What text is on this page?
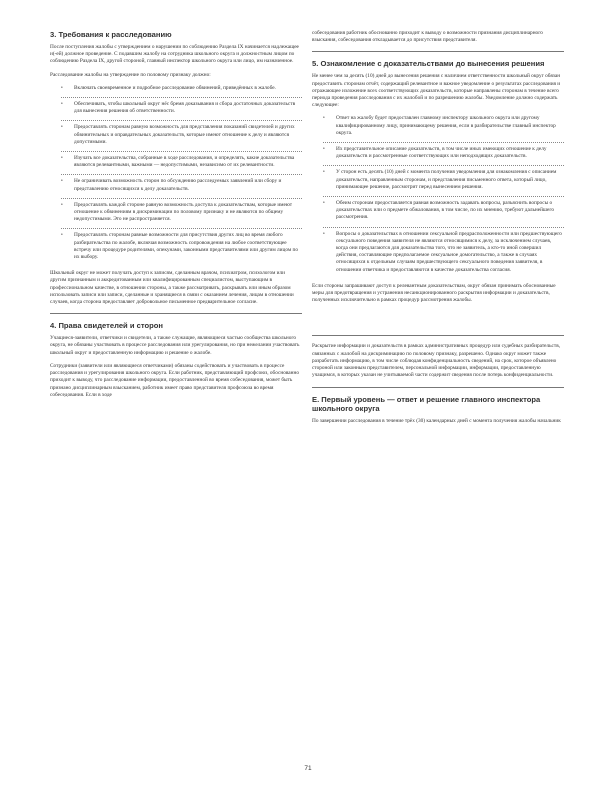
3. Требования к расследованию

После поступления жалобы с утверждением о нарушении по соблюдению Раздела IX начинается надлежащее и(-ей) должное проведение. С подавшим жалобу на сотрудника школьного округа и должностным лицом по соблюдению Раздела IX, другой стороной, главный инспектор школьного округа или лицо, им назначенное.

Расследование жалобы на утверждение по половому признаку должно:

• Включать своевременное и подробное расследование обвинений, приведённых в жалобе.
• Обеспечивать, чтобы школьный округ нёс бремя доказывания и сбора достаточных доказательств для вынесения решения об ответственности.
• Предоставлять сторонам равную возможность для представления показаний свидетелей и других обвинительных и оправдательных доказательств, которые имеют отношение к делу и являются допустимыми.
• Изучать все доказательства, собранные в ходе расследования, и определять, какие доказательства являются релевантными, важными — недопустимыми, независимо от их релевантности.
• Не ограничивать возможность сторон по обсуждению расследуемых заявлений или сбору и представлению относящихся к делу доказательств.
• Предоставлять каждой стороне равную возможность доступа к доказательствам, которые имеют отношение к обвинениям в дискриминации по половому признаку и не являются по общему недопустимыми. Это не распространяется.
• Предоставлять сторонам равные возможности для присутствия других лиц во время любого разбирательства по жалобе, включая возможность сопровождения на любое соответствующее встречу или процедуре родителями, опекунами, законными представителями или другим лицом по их выбору.

Школьный округ не может получать доступ к записям, сделанным врачом, психиатром, психологом или другим признанным и аккредитованным или квалифицированным специалистом, выступающим в профессиональном качестве, в отношении стороны, а также рассматривать, раскрывать или иным образом использовать записи или записи, сделанные и хранящиеся в связи с оказанием лечения, лицам в отношении случаев, когда сторона предоставляет добровольное письменное предварительное согласие.

4. Права свидетелей и сторон

Учащиеся-заявители, ответчики и свидетели, а также служащие, являющиеся частью сообщества школьного округа, не обязаны участвовать в процессе расследования или урегулирования, но при нежелании участвовать школьный округ и предоставленную информацию и решение о жалобе.

Сотрудники (заявители или являющиеся ответчиками) обязаны содействовать и участвовать в процессе расследования и урегулирования школьного округа. Если работник, представляющий профсоюз, обоснованно приходит к выводу, что расследование информации, предоставленной во время собеседования, может быть признано дисциплинарным взысканием, работник имеет право представителя профсоюза во время собеседования. Если в ходе

собеседования работник обоснованно приходит к выводу о возможности признания дисциплинарного взыскания, собеседования откладывается до присутствия представителя.

5. Ознакомление с доказательствами до вынесения решения

Не менее чем за десять (10) дней до вынесения решения с наличием ответственности школьный округ обязан предоставить сторонам отчёт, содержащий релевантное и важное уведомление о результатах расследования и отражающее изложение всех соответствующих доказательств, которые направлены сторонам в течение всего периода проведения расследования с их жалобой и по разрешению жалобы. Уведомление должно содержать следующее:

• Ответ на жалобу будет предоставлен главному инспектору школьного округа или другому квалифицированному лицу, принимающему решения, если в разбирательстве главный инспектор округа.
• Их представительное описание доказательств, в том числе иных имеющих отношение к делу доказательств и рассмотренные соответствующих или неподходящих доказательств.
• У сторон есть десять (10) дней с момента получения уведомления для ознакомления с описанием доказательств, направленным сторонам, и представления письменного ответа, который лицо, принимающее решение, рассмотрит перед вынесением решения.
• Обеим сторонам предоставляется равная возможность задавать вопросы, разъяснить вопросы о доказательствах или о предмете обжалования, в том числе, по их мнению, требуют дальнейшего рассмотрения.
• Вопросы о доказательствах в отношении сексуальной предрасположенности или предшествующего сексуального поведения заявителя не являются относящимися к делу, за исключением случаев, когда они предлагаются для доказательства того, что не заявитель, а кто-то иной совершил действия, составляющие предполагаемое сексуальное домогательство, а также в случаях относящихся к отдельным случаям предшествующего сексуального поведения заявителя, в отношении ответчика и предоставляются в качестве доказательства согласия.

Если стороны запрашивают доступ к релевантным доказательствам, округ обязан принимать обоснованные меры для предотвращения и устранения несанкционированного раскрытия информации и доказательств, полученных исключительно в рамках процедур рассмотрения жалобы.

Раскрытие информации и доказательств в рамках административных процедур или судебных разбирательств, связанных с жалобой на дискриминацию по половому признаку, разрешено. Однако округ может также разработать информацию, в том числе соблюдая конфиденциальность сведений, на срок, которое объявлено стороной или законным представителем, персональной информации, информации, предоставленную учащимся, в которых указан не учитываемой части содержит сведения после потерь конфиденциальности.

Е. Первый уровень — ответ и решение главного инспектора школьного округа

По завершении расследования в течение трёх (30) календарных дней с момента получения жалобы начальник

71
